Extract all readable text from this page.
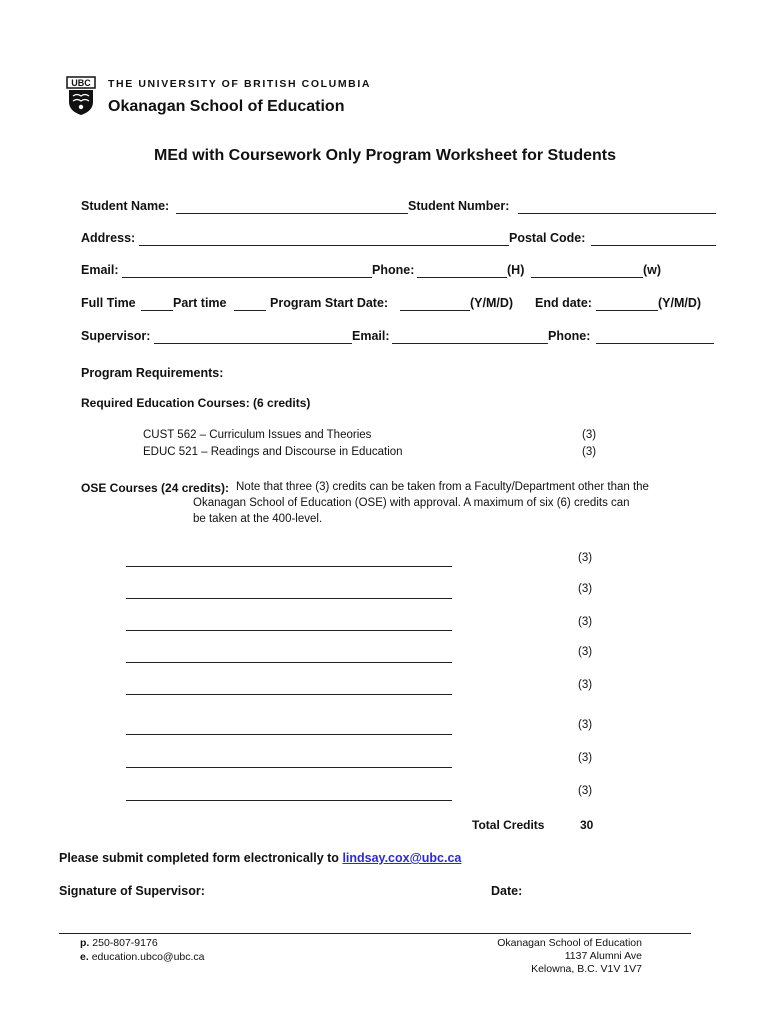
UBC THE UNIVERSITY OF BRITISH COLUMBIA
Okanagan School of Education
MEd with Coursework Only Program Worksheet for Students
Student Name:	Student Number:
Address:	Postal Code:
Email:	Phone:	(H)	(w)
Full Time	Part time	Program Start Date:	(Y/M/D) End date:	(Y/M/D)
Supervisor:	Email:	Phone:
Program Requirements:
Required Education Courses: (6 credits)
CUST 562 – Curriculum Issues and Theories	(3)
EDUC 521 – Readings and Discourse in Education	(3)
OSE Courses (24 credits): Note that three (3) credits can be taken from a Faculty/Department other than the
Okanagan School of Education (OSE) with approval. A maximum of six (6) credits can
be taken at the 400-level.
(3)
(3)
(3)
(3)
(3)
(3)
(3)
(3)
Total Credits	30
Please submit completed form electronically to lindsay.cox@ubc.ca
Signature of Supervisor:	Date:
p. 250-807-9176
e. education.ubco@ubc.ca
Okanagan School of Education
1137 Alumni Ave
Kelowna, B.C. V1V 1V7
